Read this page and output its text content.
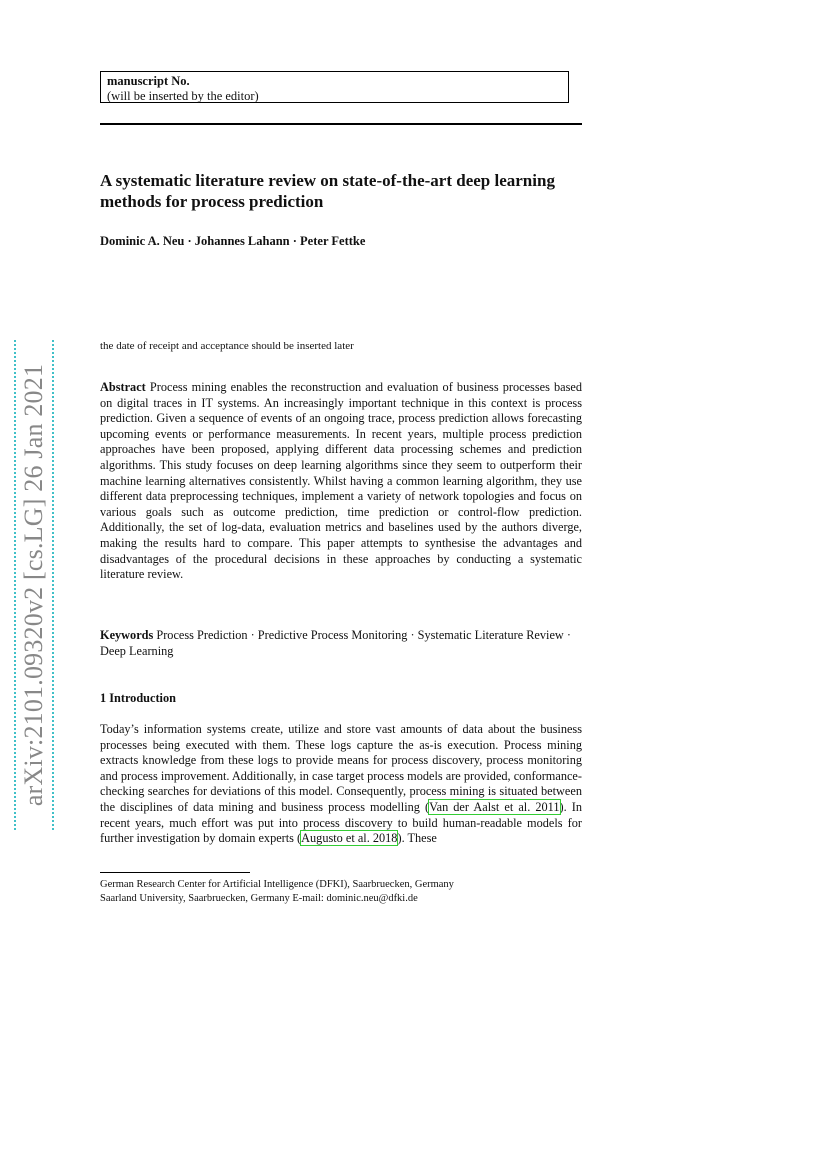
manuscript No.
(will be inserted by the editor)
A systematic literature review on state-of-the-art deep learning methods for process prediction
Dominic A. Neu · Johannes Lahann · Peter Fettke
arXiv:2101.09320v2 [cs.LG] 26 Jan 2021
the date of receipt and acceptance should be inserted later
Abstract Process mining enables the reconstruction and evaluation of business processes based on digital traces in IT systems. An increasingly important technique in this context is process prediction. Given a sequence of events of an ongoing trace, process prediction allows forecasting upcoming events or performance measurements. In recent years, multiple process prediction approaches have been proposed, applying different data processing schemes and prediction algorithms. This study focuses on deep learning algorithms since they seem to outperform their machine learning alternatives consistently. Whilst having a common learning algorithm, they use different data preprocessing techniques, implement a variety of network topologies and focus on various goals such as outcome prediction, time prediction or control-flow prediction. Additionally, the set of log-data, evaluation metrics and baselines used by the authors diverge, making the results hard to compare. This paper attempts to synthesise the advantages and disadvantages of the procedural decisions in these approaches by conducting a systematic literature review.
Keywords Process Prediction · Predictive Process Monitoring · Systematic Literature Review · Deep Learning
1 Introduction
Today’s information systems create, utilize and store vast amounts of data about the business processes being executed with them. These logs capture the as-is execution. Process mining extracts knowledge from these logs to provide means for process discovery, process monitoring and process improvement. Additionally, in case target process models are provided, conformance-checking searches for deviations of this model. Consequently, process mining is situated between the disciplines of data mining and business process modelling (Van der Aalst et al. 2011). In recent years, much effort was put into process discovery to build human-readable models for further investigation by domain experts (Augusto et al. 2018). These
German Research Center for Artificial Intelligence (DFKI), Saarbruecken, Germany
Saarland University, Saarbruecken, Germany E-mail: dominic.neu@dfki.de
